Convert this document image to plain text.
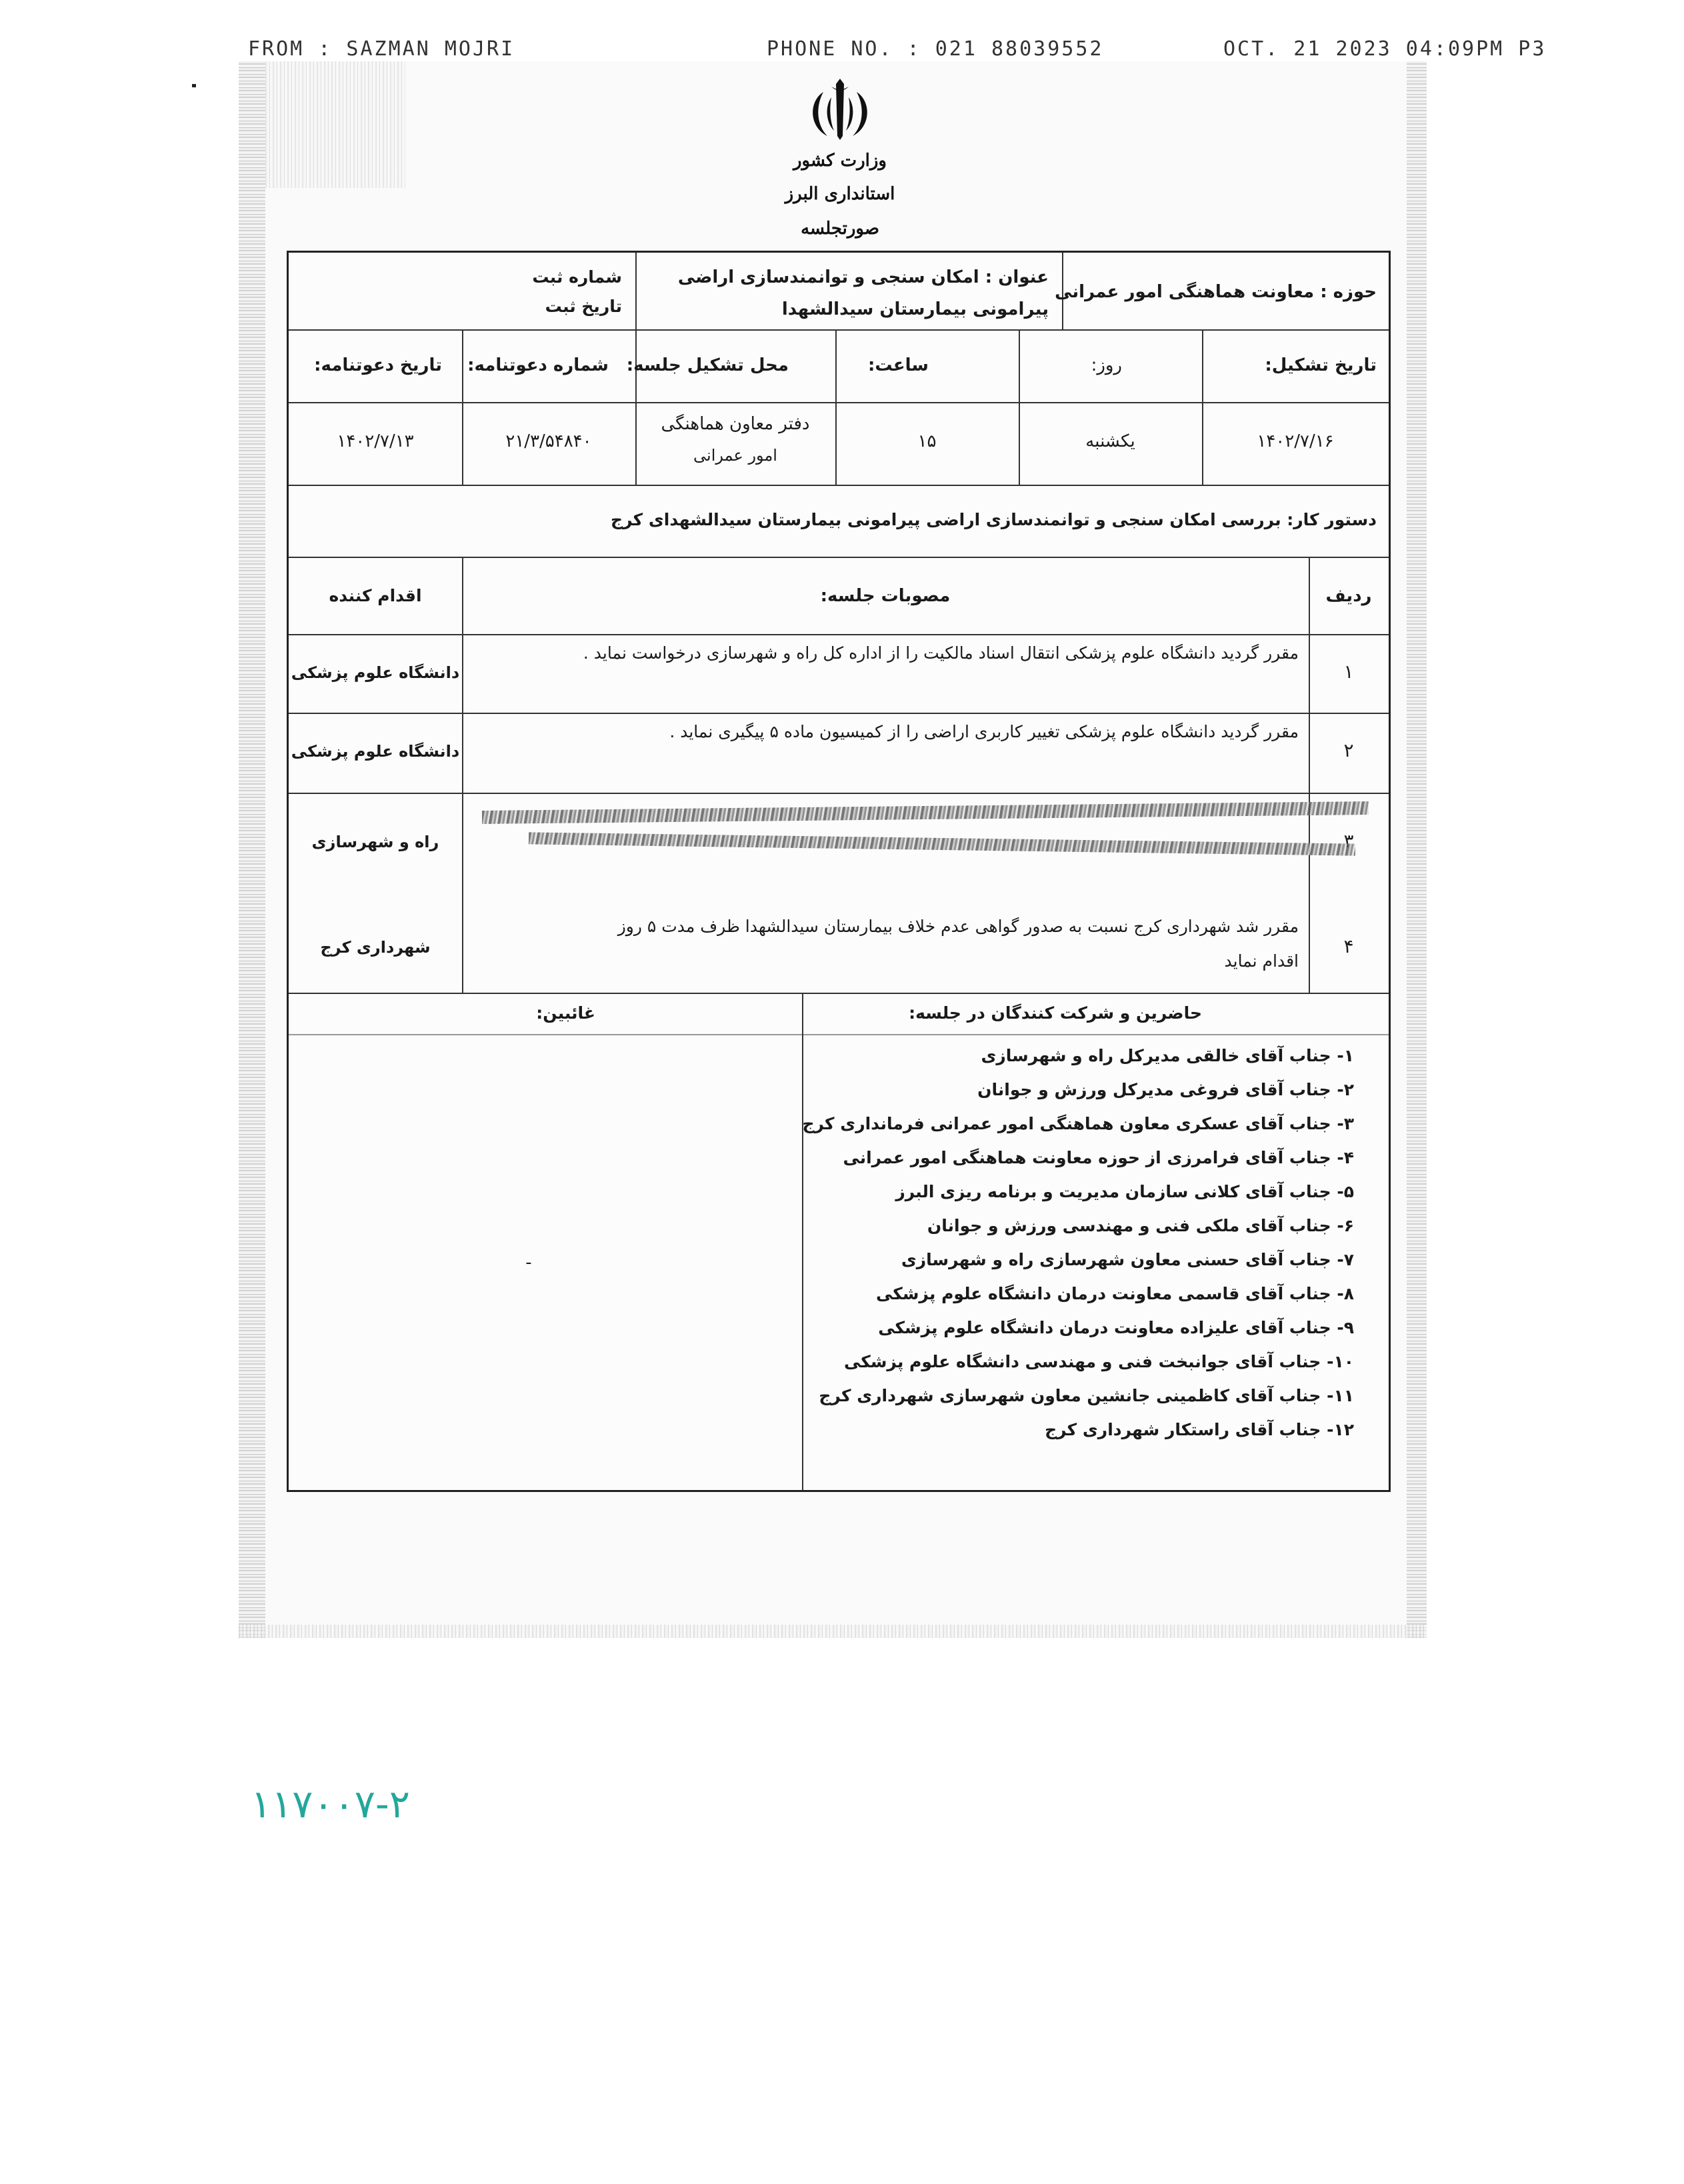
FROM : SAZMAN MOJRI	PHONE NO. : 021 88039552	OCT. 21 2023 04:09PM P3
وزارت کشور
استانداری البرز
صورتجلسه
حوزه : معاونت هماهنگی امور عمرانی
عنوان : امکان سنجی و توانمندسازی اراضی
پیرامونی بیمارستان سیدالشهدا
شماره ثبت
تاریخ ثبت
تاریخ تشکیل:
روز:
ساعت:
محل تشکیل جلسه:
شماره دعوتنامه:
تاریخ دعوتنامه:
۱۴۰۲/۷/۱۶
یکشنبه
۱۵
دفتر معاون هماهنگی
امور عمرانی
۲۱/۳/۵۴۸۴۰
۱۴۰۲/۷/۱۳
دستور کار: بررسی امکان سنجی و توانمندسازی اراضی پیرامونی بیمارستان سیدالشهدای کرج
ردیف
مصوبات جلسه:
اقدام کننده
۱
مقرر گردید دانشگاه علوم پزشکی انتقال اسناد مالکیت را از اداره کل راه و شهرسازی درخواست نماید .
دانشگاه علوم پزشکی
۲
مقرر گردید دانشگاه علوم پزشکی تغییر کاربری اراضی را از کمیسیون ماده ۵ پیگیری نماید .
دانشگاه علوم پزشکی
۳
راه و شهرسازی
۴
مقرر شد شهرداری کرج نسبت به صدور گواهی عدم خلاف بیمارستان سیدالشهدا ظرف مدت ۵ روز
اقدام نماید
شهرداری کرج
حاضرین و شرکت کنندگان در جلسه:
غائبین:
-
۱- جناب آقای خالقی مدیرکل راه و شهرسازی
۲- جناب آقای فروغی مدیرکل ورزش و جوانان
۳- جناب آقای عسکری معاون هماهنگی امور عمرانی فرمانداری کرج
۴- جناب آقای فرامرزی از حوزه معاونت هماهنگی امور عمرانی
۵- جناب آقای کلانی سازمان مدیریت و برنامه ریزی البرز
۶- جناب آقای ملکی فنی و مهندسی ورزش و جوانان
۷- جناب آقای حسنی معاون شهرسازی راه و شهرسازی
۸- جناب آقای قاسمی معاونت درمان دانشگاه علوم پزشکی
۹- جناب آقای علیزاده معاونت درمان دانشگاه علوم پزشکی
۱۰- جناب آقای جوانبخت فنی و مهندسی دانشگاه علوم پزشکی
۱۱- جناب آقای کاظمینی جانشین معاون شهرسازی شهرداری کرج
۱۲- جناب آقای راستکار شهرداری کرج
۱۱۷۰۰۷-۲
